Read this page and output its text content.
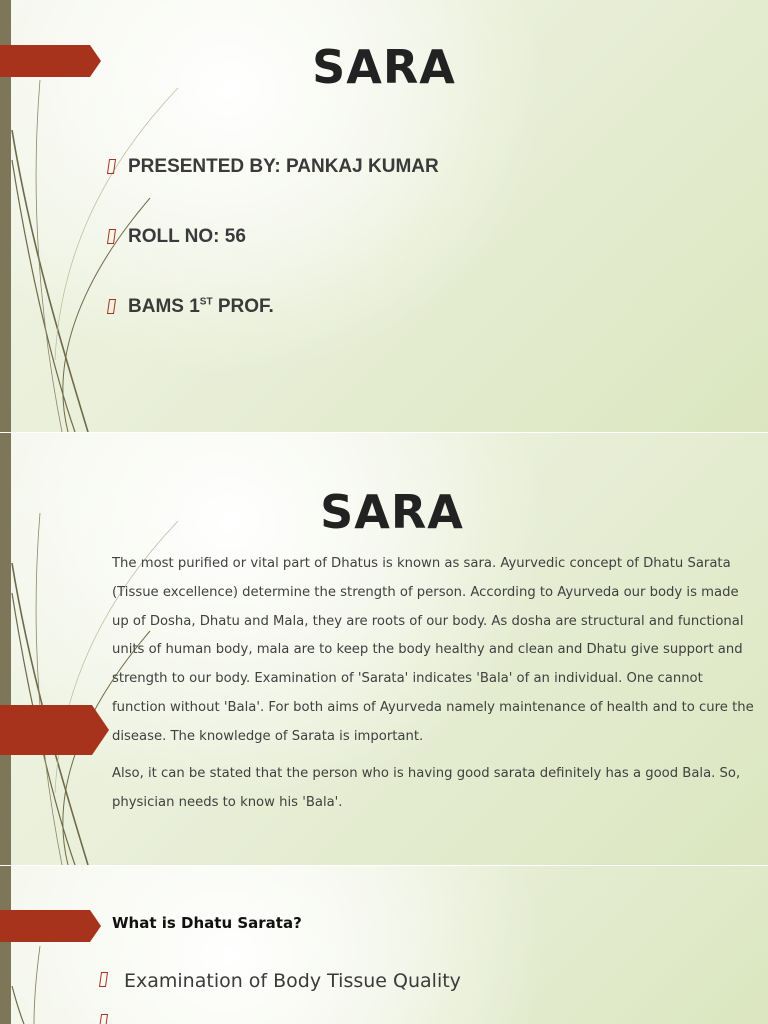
SARA
PRESENTED BY: PANKAJ KUMAR
ROLL NO: 56
BAMS 1ST PROF.
SARA

The most purified or vital part of Dhatus is known as sara. Ayurvedic concept of Dhatu Sarata (Tissue excellence) determine the strength of person. According to Ayurveda our body is made up of Dosha, Dhatu and Mala, they are roots of our body. As dosha are structural and functional units of human body, mala are to keep the body healthy and clean and Dhatu give support and strength to our body. Examination of 'Sarata' indicates 'Bala' of an individual. One cannot function without 'Bala'. For both aims of Ayurveda namely maintenance of health and to cure the disease. The knowledge of Sarata is important.

Also, it can be stated that the person who is having good sarata definitely has a good Bala. So, physician needs to know his 'Bala'.

What is Dhatu Sarata?
Examination of Body Tissue Quality
